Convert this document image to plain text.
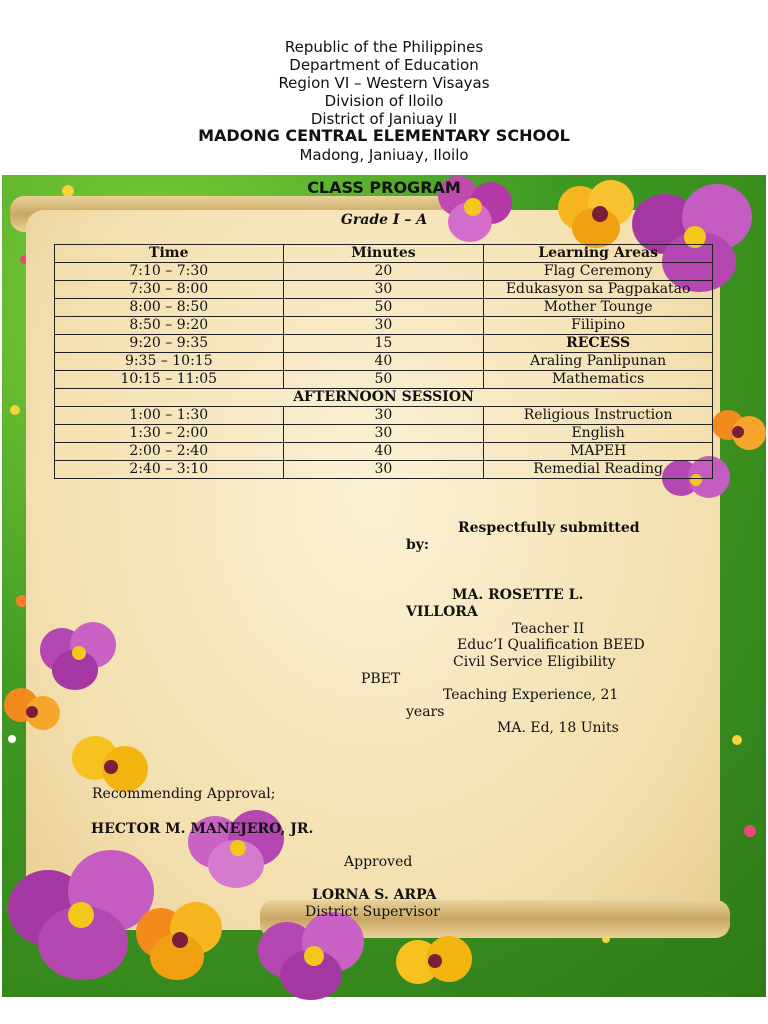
Republic of the Philippines
Department of Education
Region VI – Western Visayas
Division of Iloilo
District of Janiuay II
MADONG CENTRAL ELEMENTARY SCHOOL
Madong, Janiuay, Iloilo
CLASS PROGRAM
Grade I – A
Time	Minutes	Learning Areas
7:10 – 7:30	20	Flag Ceremony
7:30 – 8:00	30	Edukasyon sa Pagpakatao
8:00 – 8:50	50	Mother Tounge
8:50 – 9:20	30	Filipino
9:20 – 9:35	15	RECESS
9:35 – 10:15	40	Araling Panlipunan
10:15 – 11:05	50	Mathematics
AFTERNOON SESSION		
1:00 – 1:30	30	Religious Instruction
1:30 – 2:00	30	English
2:00 – 2:40	40	MAPEH
2:40 – 3:10	30	Remedial Reading
Respectfully submitted
by:
MA. ROSETTE L.
VILLORA
Teacher II
Educ’I Qualification BEED
Civil Service Eligibility
PBET
Teaching Experience, 21
years
MA. Ed, 18 Units
Recommending Approval;
HECTOR M. MANEJERO, JR.
Approved
LORNA S. ARPA
District Supervisor
